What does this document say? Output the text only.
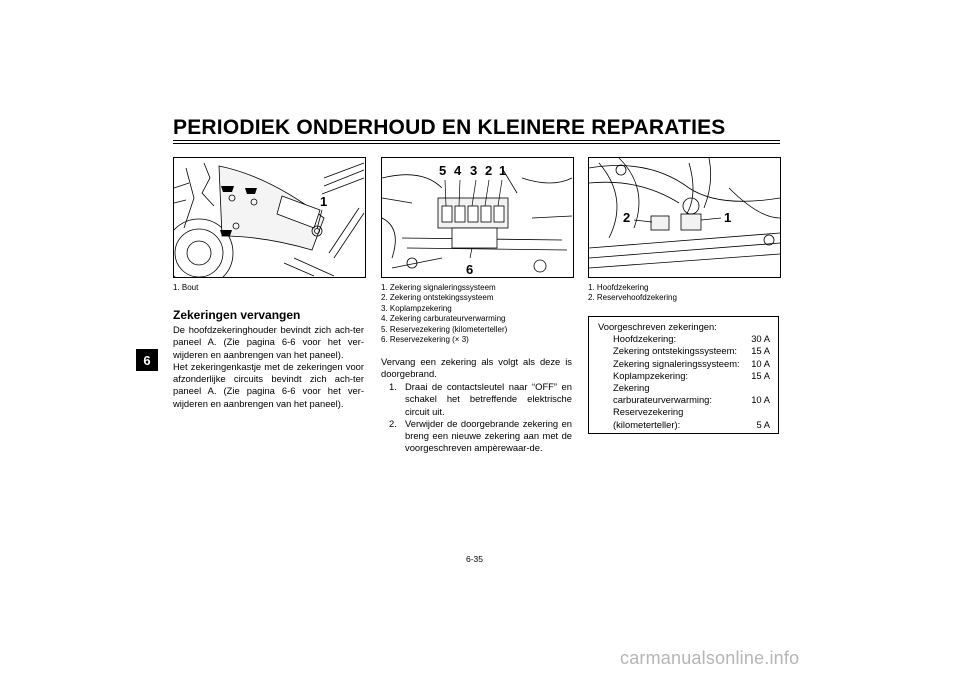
PERIODIEK ONDERHOUD EN KLEINERE REPARATIES
6
1
5 4 3 2 1
6
2	1
1. Bout	1. Zekering signaleringssysteem
2. Zekering ontstekingssysteem
3. Koplampzekering
4. Zekering carburateurverwarming
5. Reservezekering (kilometerteller)
6. Reservezekering (× 3)
1. Hoofdzekering
2. Reservehoofdzekering
Zekeringen vervangen

De hoofdzekeringhouder bevindt zich ach-ter paneel A. (Zie pagina 6-6 voor het ver-wijderen en aanbrengen van het paneel).

Het zekeringenkastje met de zekeringen voor afzonderlijke circuits bevindt zich ach-ter paneel A. (Zie pagina 6-6 voor het ver-wijderen en aanbrengen van het paneel).

Vervang een zekering als volgt als deze is doorgebrand.
1. Draai de contactsleutel naar “OFF” en schakel het betreffende elektrische circuit uit.
2. Verwijder de doorgebrande zekering en breng een nieuwe zekering aan met de voorgeschreven ampèrewaar-de.
Voorgeschreven zekeringen:
Hoofdzekering:	30 A
Zekering ontstekingssysteem: 15 A
Zekering signaleringssysteem: 10 A
Koplampzekering:	15 A
Zekering
carburateurverwarming:	10 A
Reservezekering
(kilometerteller):	5 A
6-35
carmanualsonline.info
